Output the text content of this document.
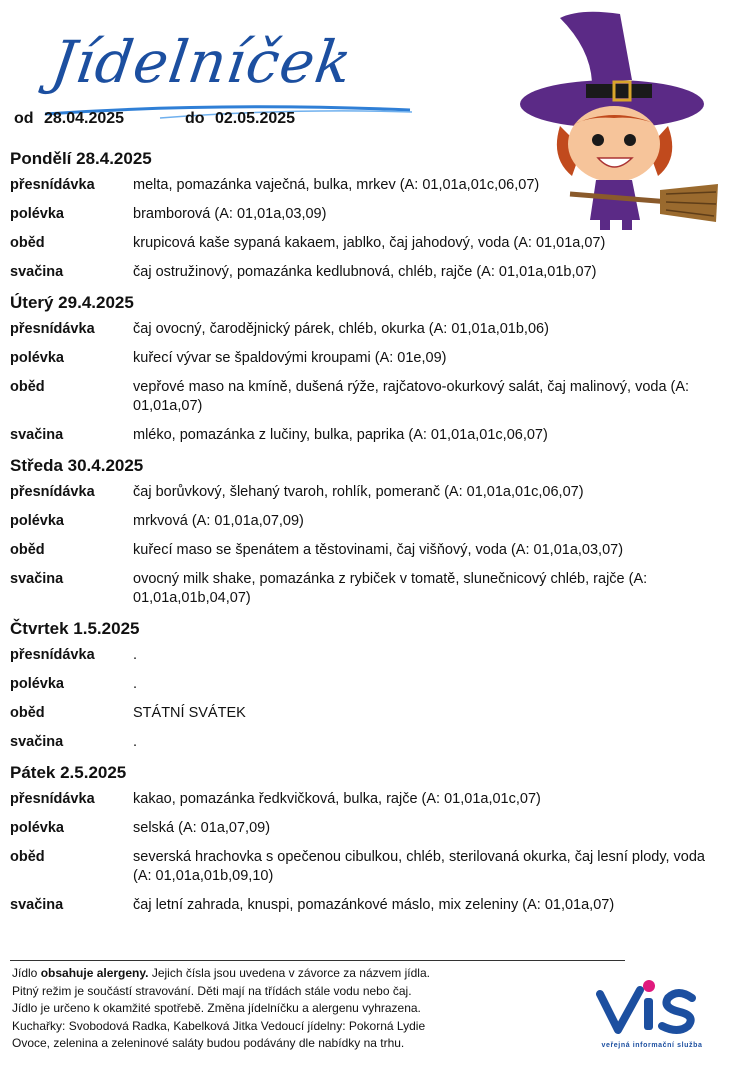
Jídelníček
od 28.04.2025	do 02.05.2025
Pondělí 28.4.2025
přesnídávka	melta, pomazánka vaječná, bulka, mrkev (A: 01,01a,01c,06,07)
polévka	bramborová (A: 01,01a,03,09)
oběd	krupicová kaše sypaná kakaem, jablko, čaj jahodový, voda (A: 01,01a,07)
svačina	čaj ostružinový, pomazánka kedlubnová, chléb, rajče (A: 01,01a,01b,07)
Úterý 29.4.2025
přesnídávka	čaj ovocný, čarodějnický párek, chléb, okurka (A: 01,01a,01b,06)
polévka	kuřecí vývar se špaldovými kroupami (A: 01e,09)
oběd	vepřové maso na kmíně, dušená rýže, rajčatovo-okurkový salát, čaj malinový, voda (A: 01,01a,07)
svačina	mléko, pomazánka z lučiny, bulka, paprika (A: 01,01a,01c,06,07)
Středa 30.4.2025
přesnídávka	čaj borůvkový, šlehaný tvaroh, rohlík, pomeranč (A: 01,01a,01c,06,07)
polévka	mrkvová (A: 01,01a,07,09)
oběd	kuřecí maso se špenátem a těstovinami, čaj višňový, voda (A: 01,01a,03,07)
svačina	ovocný milk shake, pomazánka z rybiček v tomatě, slunečnicový chléb, rajče (A: 01,01a,01b,04,07)
Čtvrtek 1.5.2025
přesnídávka	.
polévka	.
oběd	STÁTNÍ SVÁTEK
svačina	.
Pátek 2.5.2025
přesnídávka	kakao, pomazánka ředkvičková, bulka, rajče (A: 01,01a,01c,07)
polévka	selská (A: 01a,07,09)
oběd	severská hrachovka s opečenou cibulkou, chléb, sterilovaná okurka, čaj lesní plody, voda (A: 01,01a,01b,09,10)
svačina	čaj letní zahrada, knuspi, pomazánkové máslo, mix zeleniny (A: 01,01a,07)
Jídlo obsahuje alergeny. Jejich čísla jsou uvedena v závorce za názvem jídla.
Pitný režim je součástí stravování. Děti mají na třídách stále vodu nebo čaj.
Jídlo je určeno k okamžité spotřebě. Změna jídelníčku a alergenu vyhrazena.
Kuchařky: Svobodová Radka, Kabelková Jitka Vedoucí jídelny: Pokorná Lydie
Ovoce, zelenina a zeleninové saláty budou podávány dle nabídky na trhu.	veřejná informační služba
